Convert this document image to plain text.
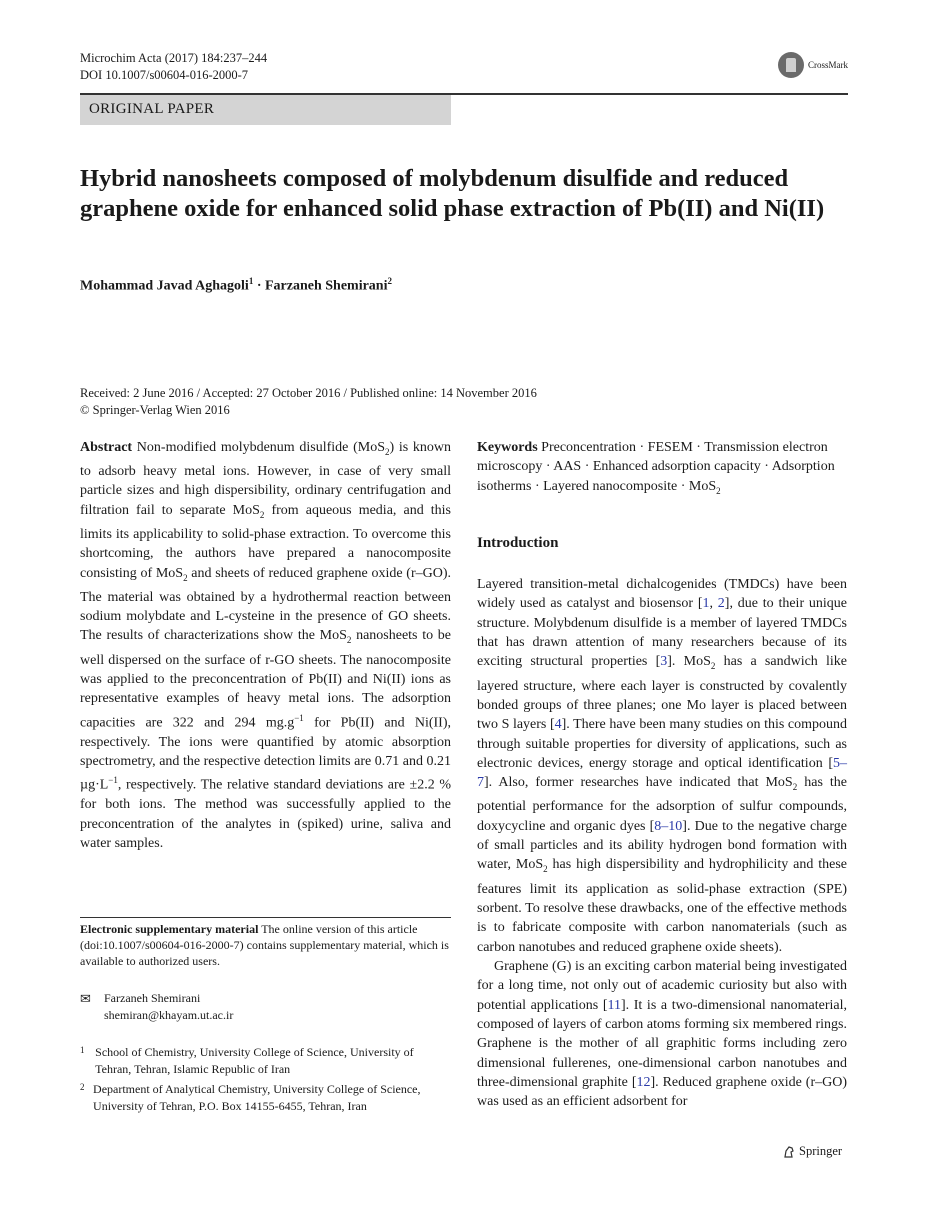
Microchim Acta (2017) 184:237–244
DOI 10.1007/s00604-016-2000-7
CrossMark
ORIGINAL PAPER
Hybrid nanosheets composed of molybdenum disulfide and reduced graphene oxide for enhanced solid phase extraction of Pb(II) and Ni(II)
Mohammad Javad Aghagoli$^1$ · Farzaneh Shemirani$^2$
Received: 2 June 2016 / Accepted: 27 October 2016 / Published online: 14 November 2016
© Springer-Verlag Wien 2016
Abstract Non-modified molybdenum disulfide (MoS$_2$) is known to adsorb heavy metal ions. However, in case of very small particle sizes and high dispersibility, ordinary centrifugation and filtration fail to separate MoS$_2$ from aqueous media, and this limits its applicability to solid-phase extraction. To overcome this shortcoming, the authors have prepared a nanocomposite consisting of MoS$_2$ and sheets of reduced graphene oxide (r–GO). The material was obtained by a hydrothermal reaction between sodium molybdate and L-cysteine in the presence of GO sheets. The results of characterizations show the MoS$_2$ nanosheets to be well dispersed on the surface of r-GO sheets. The nanocomposite was applied to the preconcentration of Pb(II) and Ni(II) ions as representative examples of heavy metal ions. The adsorption capacities are 322 and 294 $mg.g^{-1}$ for Pb(II) and Ni(II), respectively. The ions were quantified by atomic absorption spectrometry, and the respective detection limits are 0.71 and 0.21 $\mu g\cdot L^{-1}$, respectively. The relative standard deviations are ±2.2 % for both ions. The method was successfully applied to the preconcentration of the analytes in (spiked) urine, saliva and water samples.
Keywords Preconcentration · FESEM · Transmission electron microscopy · AAS · Enhanced adsorption capacity · Adsorption isotherms · Layered nanocomposite · MoS$_2$
Introduction

Layered transition-metal dichalcogenides (TMDCs) have been widely used as catalyst and biosensor [1, 2], due to their unique structure. Molybdenum disulfide is a member of layered TMDCs that has drawn attention of many researchers because of its exciting structural properties [3]. MoS$_2$ has a sandwich like layered structure, where each layer is constructed by covalently bonded groups of three planes; one Mo layer is placed between two S layers [4]. There have been many studies on this compound through suitable properties for diversity of applications, such as electronic devices, energy storage and optical identification [5–7]. Also, former researches have indicated that MoS$_2$ has the potential performance for the adsorption of sulfur compounds, doxycycline and organic dyes [8–10]. Due to the negative charge of small particles and its ability hydrogen bond formation with water, MoS$_2$ has high dispersibility and hydrophilicity and these features limit its application as solid-phase extraction (SPE) sorbent. To resolve these drawbacks, one of the effective methods is to fabricate composite with carbon nanomaterials (such as carbon nanotubes and reduced graphene oxide sheets).

Graphene (G) is an exciting carbon material being investigated for a long time, not only out of academic curiosity but also with potential applications [11]. It is a two-dimensional nanomaterial, composed of layers of carbon atoms forming six membered rings. Graphene is the mother of all graphitic forms including zero dimensional fullerenes, one-dimensional carbon nanotubes and three-dimensional graphite [12]. Reduced graphene oxide (r–GO) was used as an efficient adsorbent for

Electronic supplementary material The online version of this article (doi:10.1007/s00604-016-2000-7) contains supplementary material, which is available to authorized users.
✉	Farzaneh Shemirani
shemiran@khayam.ut.ac.ir
1 School of Chemistry, University College of Science, University of Tehran, Tehran, Islamic Republic of Iran
2 Department of Analytical Chemistry, University College of Science, University of Tehran, P.O. Box 14155-6455, Tehran, Iran
Springer
